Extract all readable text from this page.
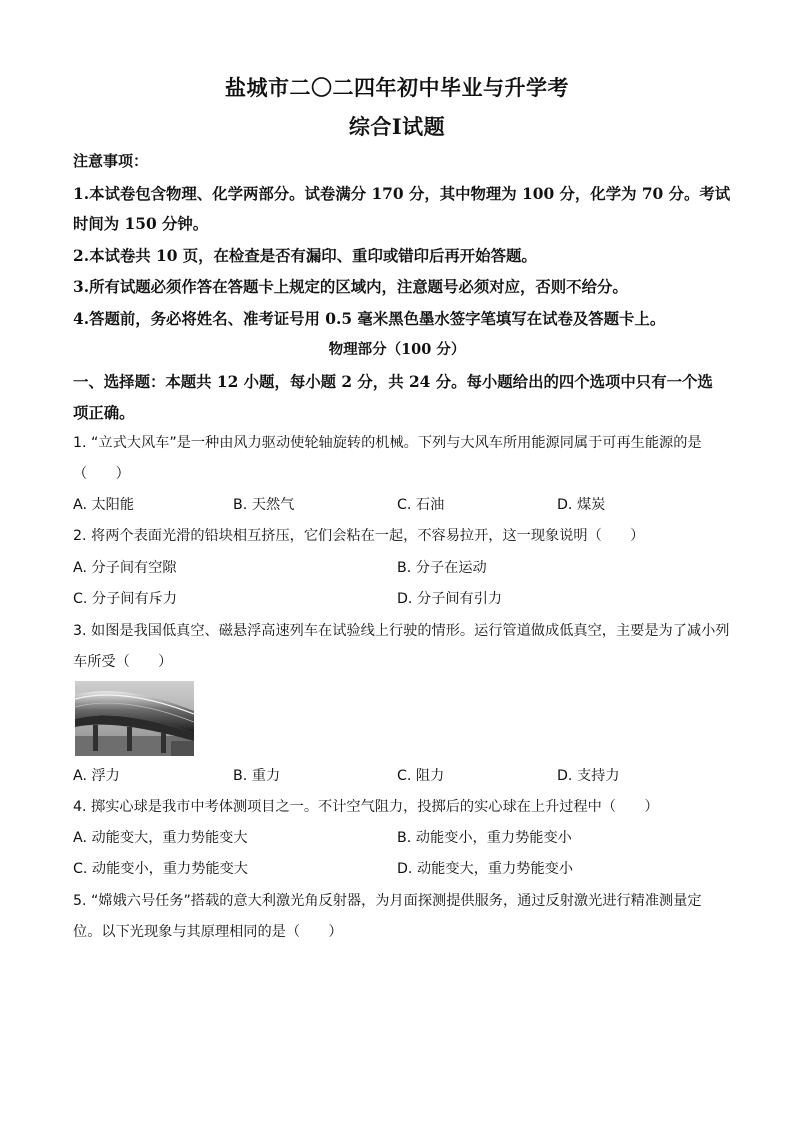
盐城市二〇二四年初中毕业与升学考
综合Ⅰ试题
注意事项：
1.本试卷包含物理、化学两部分。试卷满分 170 分，其中物理为 100 分，化学为 70 分。考试
时间为 150 分钟。
2.本试卷共 10 页，在检查是否有漏印、重印或错印后再开始答题。
3.所有试题必须作答在答题卡上规定的区域内，注意题号必须对应，否则不给分。
4.答题前，务必将姓名、准考证号用 0.5 毫米黑色墨水签字笔填写在试卷及答题卡上。
物理部分（100 分）
一、选择题：本题共 12 小题，每小题 2 分，共 24 分。每小题给出的四个选项中只有一个选
项正确。
1. “立式大风车”是一种由风力驱动使轮轴旋转的机械。下列与大风车所用能源同属于可再生能源的是
（　　）
A. 太阳能	B. 天然气	C. 石油	D. 煤炭
2. 将两个表面光滑的铅块相互挤压，它们会粘在一起，不容易拉开，这一现象说明（　　）
A. 分子间有空隙	B. 分子在运动
C. 分子间有斥力	D. 分子间有引力
3. 如图是我国低真空、磁悬浮高速列车在试验线上行驶的情形。运行管道做成低真空，主要是为了减小列
车所受（　　）
A. 浮力	B. 重力	C. 阻力	D. 支持力
4. 掷实心球是我市中考体测项目之一。不计空气阻力，投掷后的实心球在上升过程中（　　）
A. 动能变大，重力势能变大	B. 动能变小，重力势能变小
C. 动能变小，重力势能变大	D. 动能变大，重力势能变小
5. “嫦娥六号任务”搭载的意大利激光角反射器，为月面探测提供服务，通过反射激光进行精准测量定
位。以下光现象与其原理相同的是（　　）
